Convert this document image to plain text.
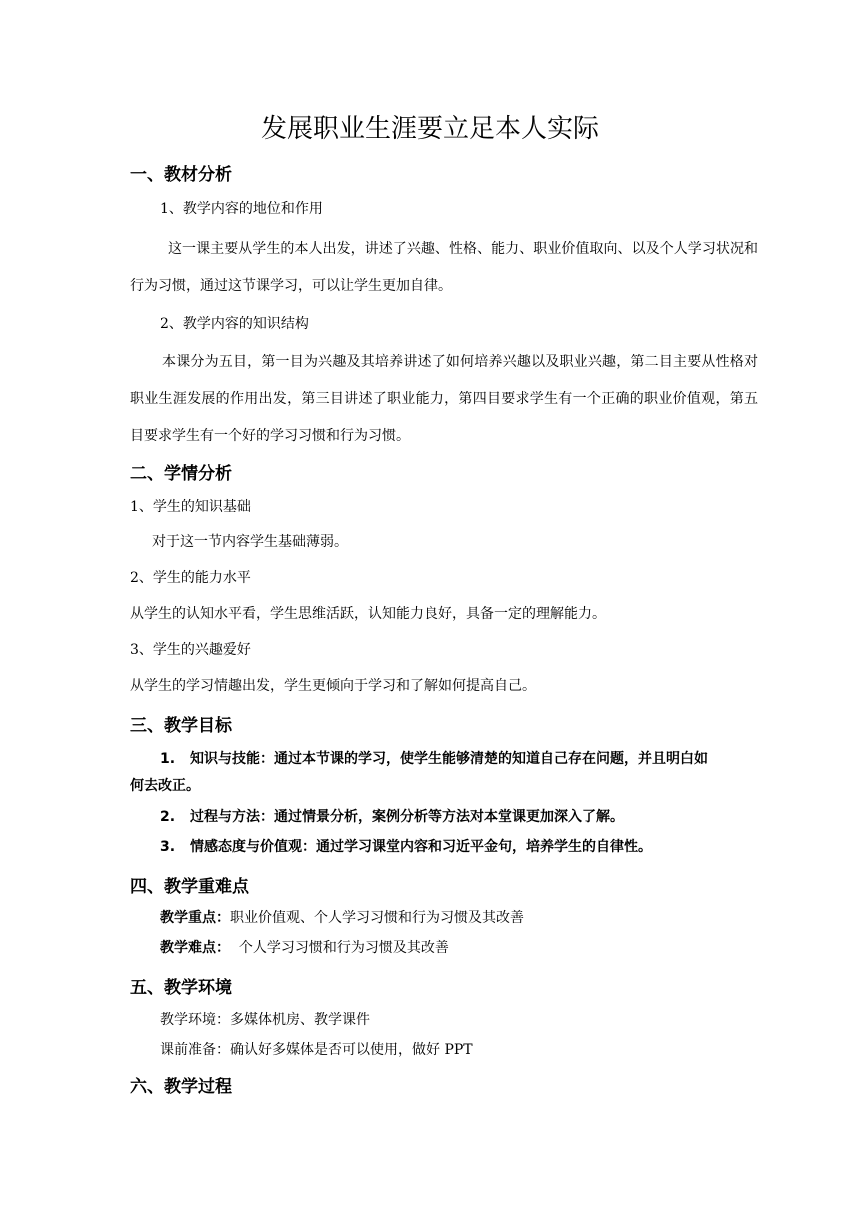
发展职业生涯要立足本人实际
一、教材分析
1、教学内容的地位和作用
这一课主要从学生的本人出发，讲述了兴趣、性格、能力、职业价值取向、以及个人学习状况和行为习惯，通过这节课学习，可以让学生更加自律。
2、教学内容的知识结构
本课分为五目，第一目为兴趣及其培养讲述了如何培养兴趣以及职业兴趣，第二目主要从性格对职业生涯发展的作用出发，第三目讲述了职业能力，第四目要求学生有一个正确的职业价值观，第五目要求学生有一个好的学习习惯和行为习惯。
二、学情分析
1、学生的知识基础
对于这一节内容学生基础薄弱。
2、学生的能力水平
从学生的认知水平看，学生思维活跃，认知能力良好，具备一定的理解能力。
3、学生的兴趣爱好
从学生的学习情趣出发，学生更倾向于学习和了解如何提高自己。
三、教学目标
1. 知识与技能：通过本节课的学习，使学生能够清楚的知道自己存在问题，并且明白如
何去改正。
2. 过程与方法：通过情景分析，案例分析等方法对本堂课更加深入了解。
3. 情感态度与价值观：通过学习课堂内容和习近平金句，培养学生的自律性。
四、教学重难点
教学重点：职业价值观、个人学习习惯和行为习惯及其改善
教学难点：  个人学习习惯和行为习惯及其改善
五、教学环境
教学环境：多媒体机房、教学课件
课前准备：确认好多媒体是否可以使用，做好 PPT
六、教学过程
